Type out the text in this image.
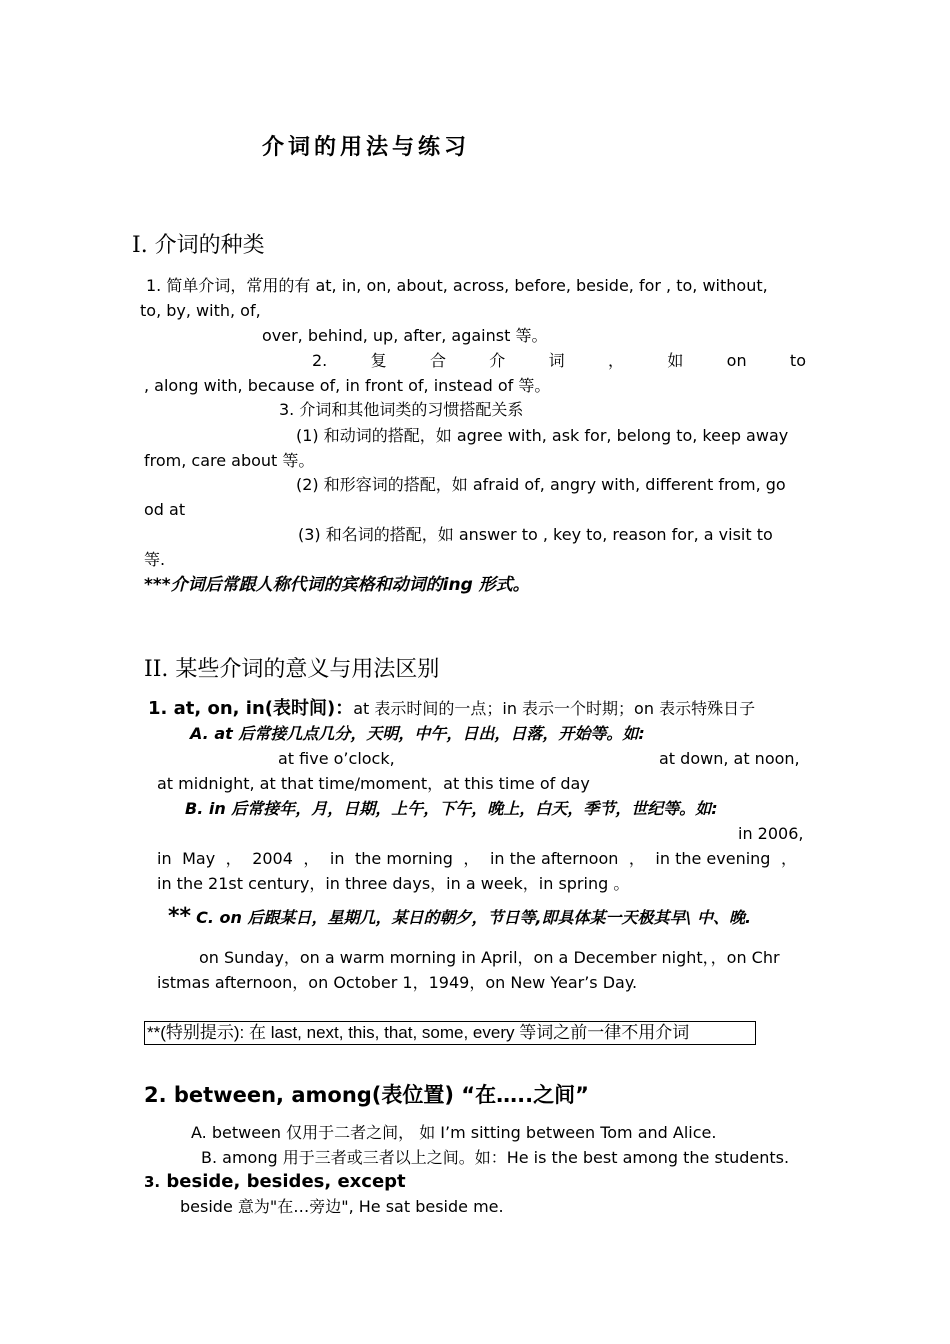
介词的用法与练习
I. 介词的种类
1. 简单介词，常用的有 at, in, on, about, across, before, beside, for , to, without,
to, by, with, of,
over, behind, up, after, against 等。
2.	复	合	介	词	，	如	on	to
, along with, because of, in front of, instead of 等。
3. 介词和其他词类的习惯搭配关系
(1) 和动词的搭配，如 agree with, ask for, belong to, keep away
from, care about 等。
(2) 和形容词的搭配，如 afraid of, angry with, different from, go
od at
(3) 和名词的搭配，如 answer to , key to, reason for, a visit to
等.
***介词后常跟人称代词的宾格和动词的ing 形式。
II. 某些介词的意义与用法区别
1. at, on, in(表时间)：at 表示时间的一点；in 表示一个时期；on 表示特殊日子
A. at 后常接几点几分，天明，中午，日出，日落，开始等。如:
at five o’clock,	at down, at noon,
at midnight, at that time/moment，at this time of day
B. in 后常接年，月，日期，上午，下午，晚上，白天，季节，世纪等。如:
in 2006,
in May ， 2004 ， in the morning ， in the afternoon ， in the evening ，
in the 21st century，in three days，in a week，in spring 。
** C. on 后跟某日，星期几，某日的朝夕，节日等,即具体某一天极其早\ 中、晚.
on Sunday，on a warm morning in April，on a December night，，on Chr
istmas afternoon，on October 1，1949，on New Year’s Day.
**(特别提示): 在 last, next, this, that, some, every 等词之前一律不用介词
2. between, among(表位置) “在…..之间”
A. between 仅用于二者之间， 如 I’m sitting between Tom and Alice.
B. among 用于三者或三者以上之间。如：He is the best among the students.
3. beside, besides, except
beside 意为"在…旁边", He sat beside me.
